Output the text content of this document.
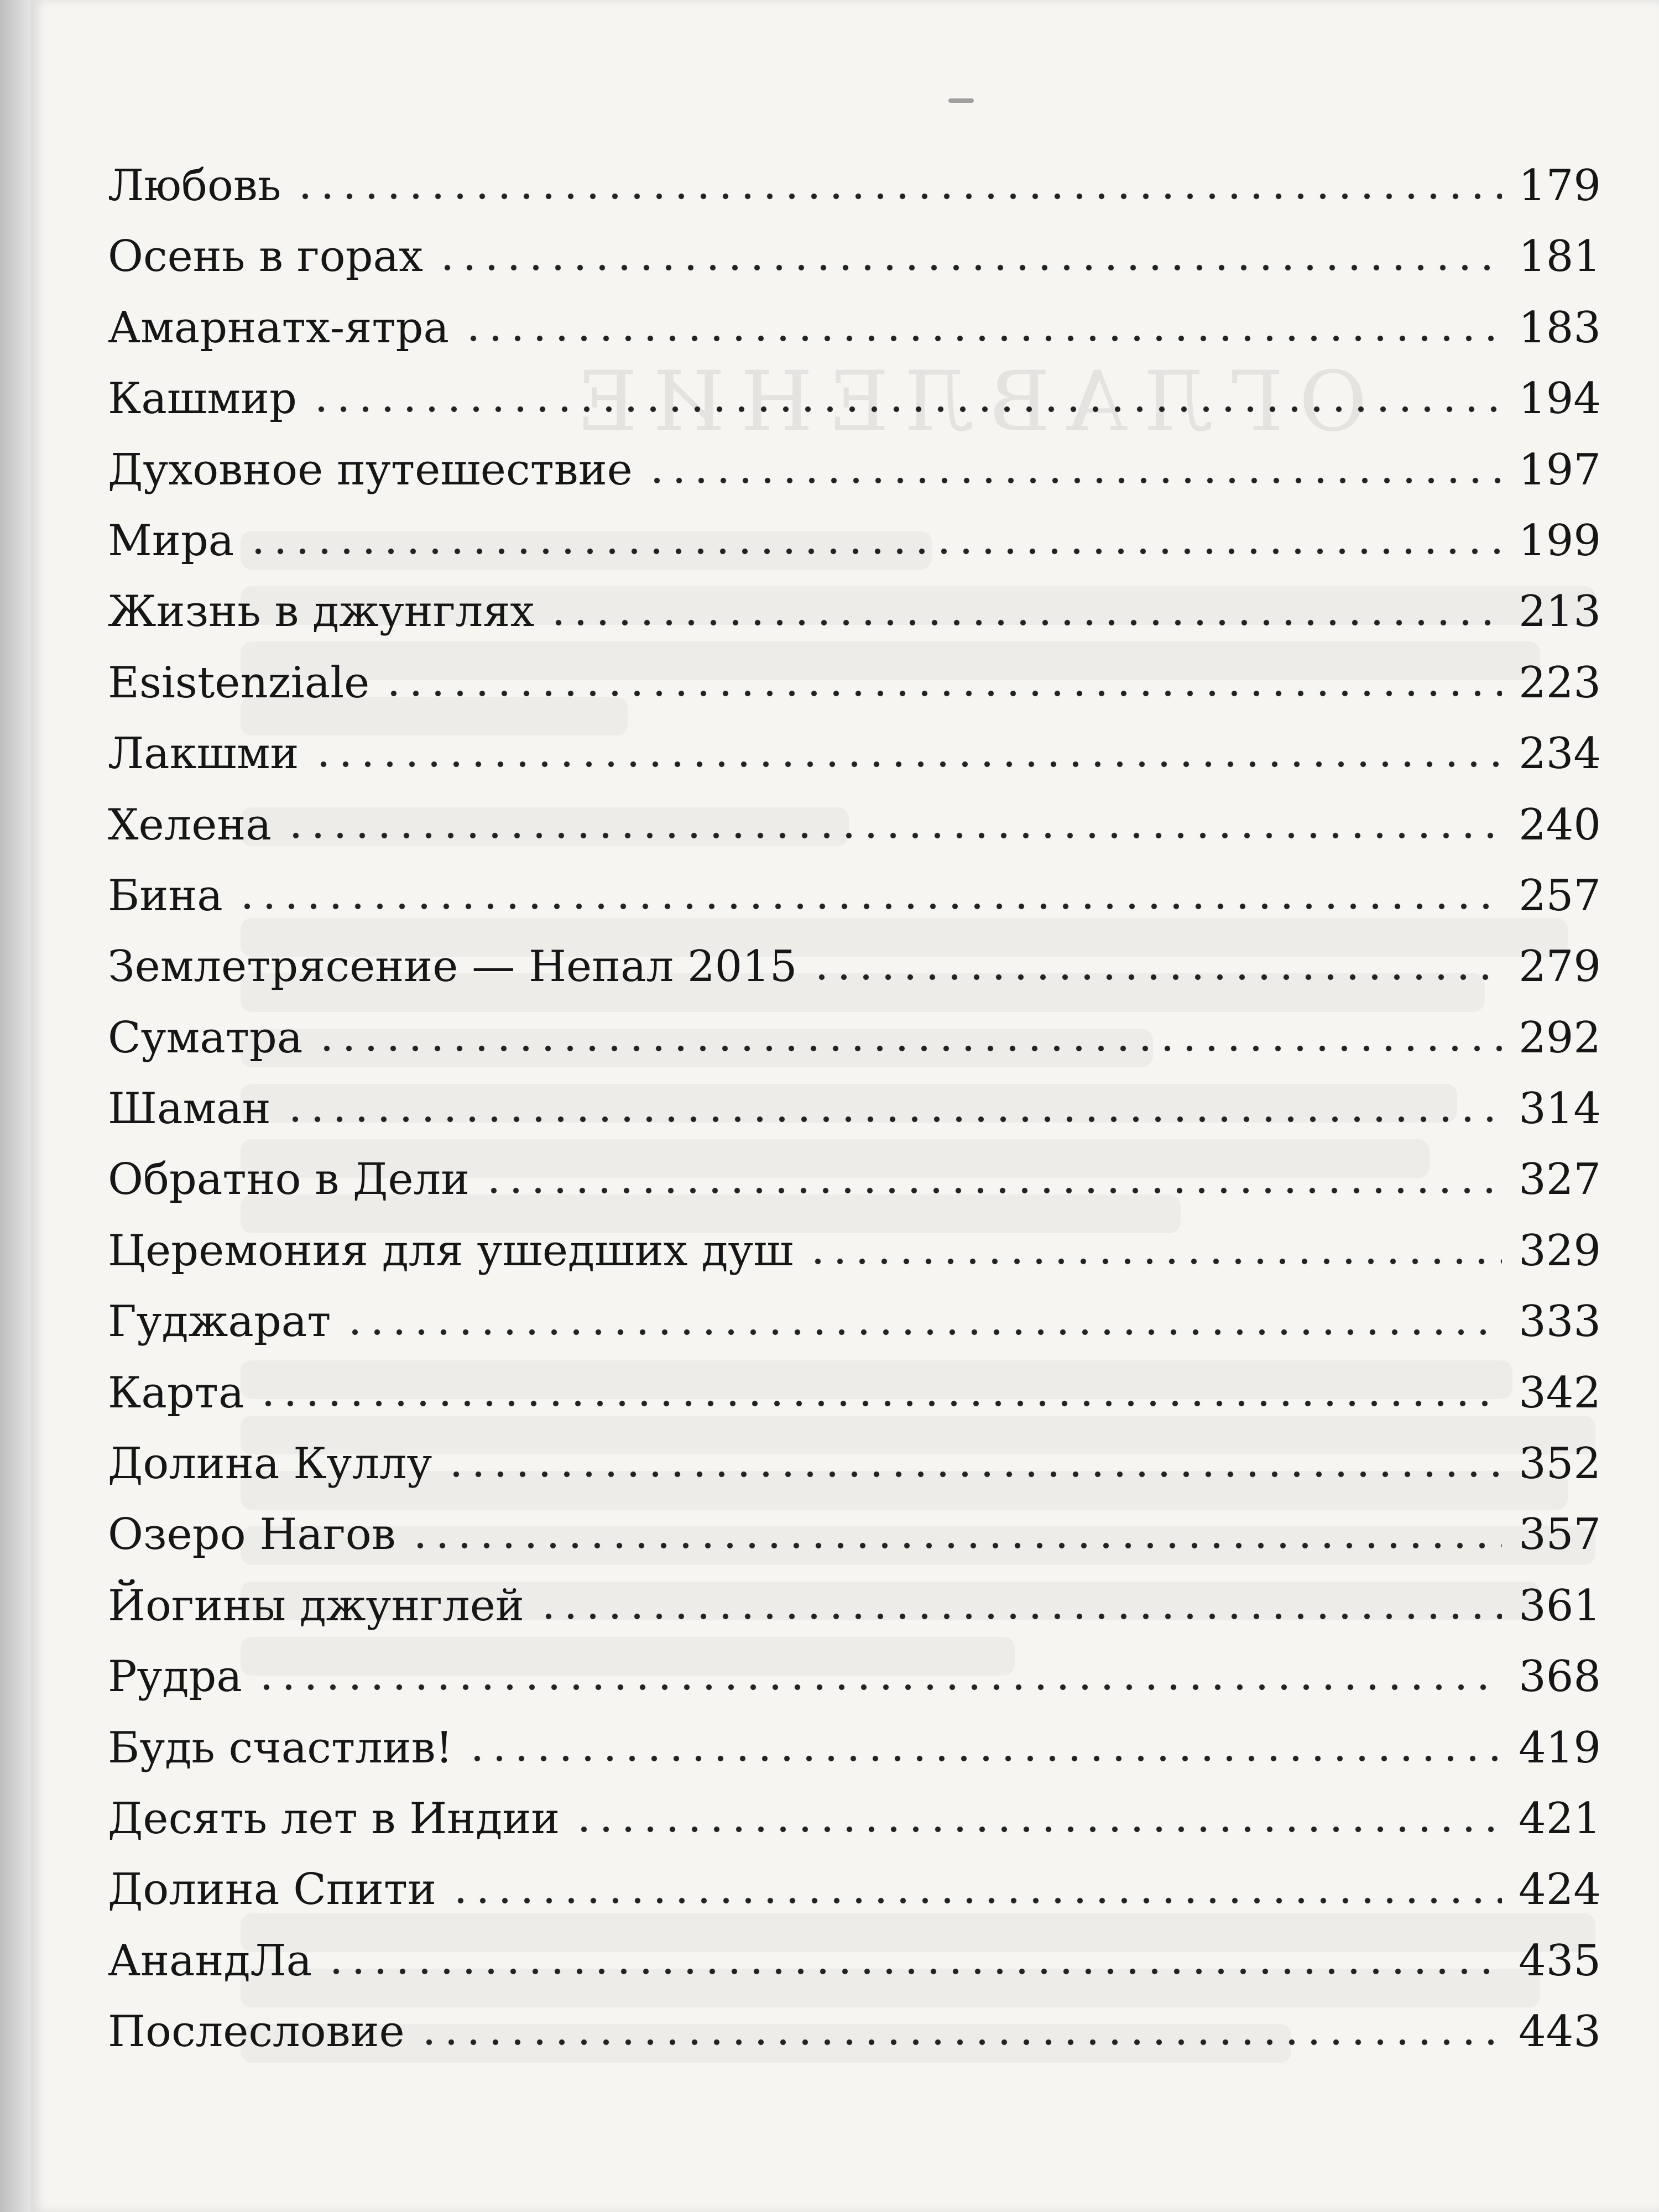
ОГЛАВЛЕНИЕ
Любовь	179
Осень в горах	181
Амарнатх-ятра	183
Кашмир	194
Духовное путешествие	197
Мира	199
Жизнь в джунглях	213
Esistenziale	223
Лакшми	234
Хелена	240
Бина	257
Землетрясение — Непал 2015	279
Суматра	292
Шаман	314
Обратно в Дели	327
Церемония для ушедших душ	329
Гуджарат	333
Карта	342
Долина Куллу	352
Озеро Нагов	357
Йогины джунглей	361
Рудра	368
Будь счастлив!	419
Десять лет в Индии	421
Долина Спити	424
АнандЛа	435
Послесловие	443
